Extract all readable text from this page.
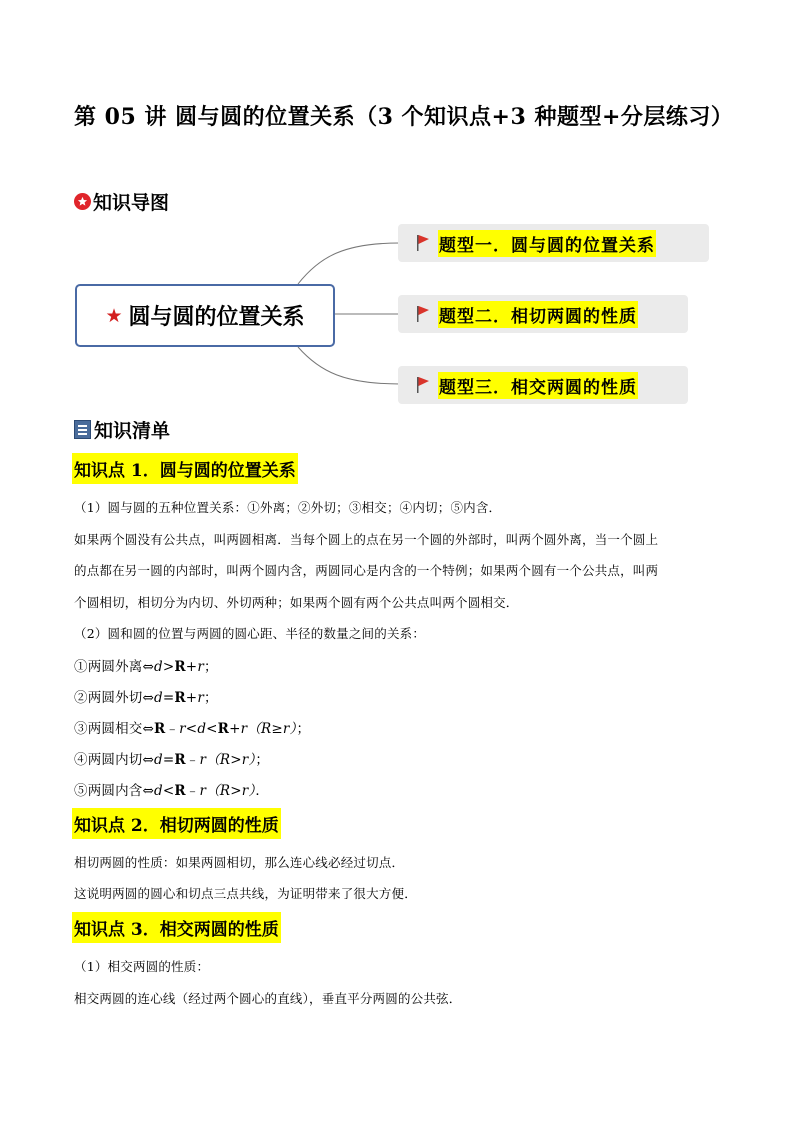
第 05 讲 圆与圆的位置关系（3 个知识点+3 种题型+分层练习）
知识导图
★ 圆与圆的位置关系
题型一．圆与圆的位置关系
题型二．相切两圆的性质
题型三．相交两圆的性质
知识清单
知识点 1．圆与圆的位置关系
（1）圆与圆的五种位置关系：①外离；②外切；③相交；④内切；⑤内含．
如果两个圆没有公共点，叫两圆相离．当每个圆上的点在另一个圆的外部时，叫两个圆外离，当一个圆上
的点都在另一圆的内部时，叫两个圆内含，两圆同心是内含的一个特例；如果两个圆有一个公共点，叫两
个圆相切，相切分为内切、外切两种；如果两个圆有两个公共点叫两个圆相交．
（2）圆和圆的位置与两圆的圆心距、半径的数量之间的关系：
①两圆外离⇔d>R+r；
②两圆外切⇔d=R+r；
③两圆相交⇔R﹣r<d<R+r（R≥r）；
④两圆内切⇔d=R﹣r（R>r）；
⑤两圆内含⇔d<R﹣r（R>r）．
知识点 2．相切两圆的性质
相切两圆的性质：如果两圆相切，那么连心线必经过切点．
这说明两圆的圆心和切点三点共线，为证明带来了很大方便．
知识点 3．相交两圆的性质
（1）相交两圆的性质：
相交两圆的连心线（经过两个圆心的直线），垂直平分两圆的公共弦．
